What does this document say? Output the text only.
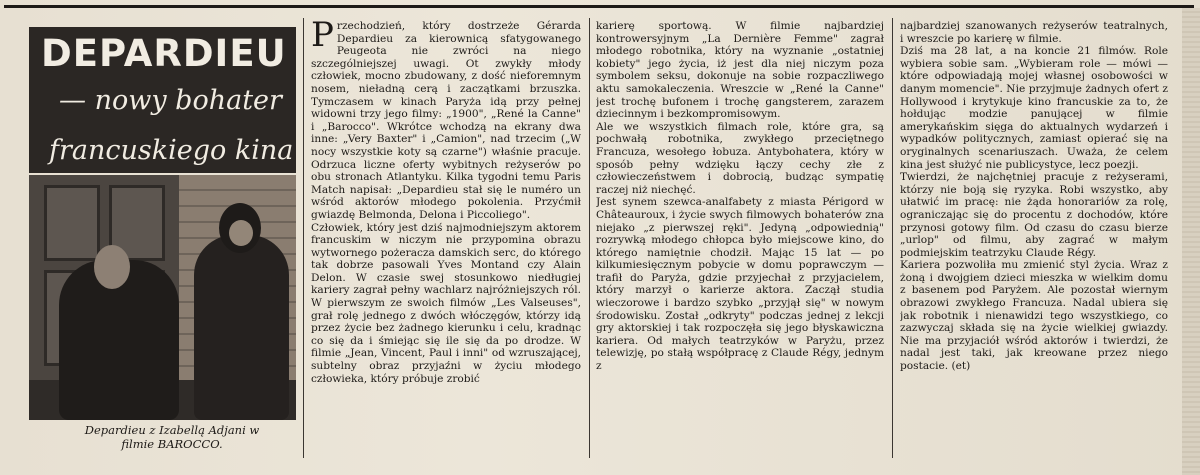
DEPARDIEU
— nowy bohater
francuskiego kina
Depardieu z Izabellą Adjani w filmie BAROCCO.
Przechodzień, który dostrzeże Gérarda Depardieu za kierownicą sfatygowanego Peugeota nie zwróci na niego szczególniejszej uwagi. Ot zwykły młody człowiek, mocno zbudowany, z dość nieforemnym nosem, nieładną cerą i zaczątkami brzuszka. Tymczasem w kinach Paryża idą przy pełnej widowni trzy jego filmy: „1900", „René la Canne" i „Barocco". Wkrótce wchodzą na ekrany dwa inne: „Very Baxter" i „Camion", nad trzecim („W nocy wszystkie koty są czarne") właśnie pracuje. Odrzuca liczne oferty wybitnych reżyserów po obu stronach Atlantyku. Kilka tygodni temu Paris Match napisał: „Depardieu stał się le numéro un wśród aktorów młodego pokolenia. Przyćmił gwiazdę Belmonda, Delona i Piccoliego".
Człowiek, który jest dziś najmodniejszym aktorem francuskim w niczym nie przypomina obrazu wytwornego pożeracza damskich serc, do którego tak dobrze pasowali Yves Montand czy Alain Delon. W czasie swej stosunkowo niedługiej kariery zagrał pełny wachlarz najróżniejszych ról. W pierwszym ze swoich filmów „Les Valseuses", grał rolę jednego z dwóch włóczęgów, którzy idą przez życie bez żadnego kierunku i celu, kradnąc co się da i śmiejąc się ile się da po drodze. W filmie „Jean, Vincent, Paul i inni" od wzruszającej, subtelny obraz przyjaźni w życiu młodego człowieka, który próbuje zrobić
karierę sportową. W filmie najbardziej kontrowersyjnym „La Dernière Femme" zagrał młodego robotnika, który na wyznanie „ostatniej kobiety" jego życia, iż jest dla niej niczym poza symbolem seksu, dokonuje na sobie rozpaczliwego aktu samokaleczenia. Wreszcie w „René la Canne" jest trochę bufonem i trochę gangsterem, zarazem dziecinnym i bezkompromisowym.
Ale we wszystkich filmach role, które gra, są pochwałą robotnika, zwykłego przeciętnego Francuza, wesołego łobuza. Antybohatera, który w sposób pełny wdzięku łączy cechy złe z człowieczeństwem i dobrocią, budząc sympatię raczej niż niechęć.
Jest synem szewca-analfabety z miasta Périgord w Châteauroux, i życie swych filmowych bohaterów zna niejako „z pierwszej ręki". Jedyną „odpowiednią" rozrywką młodego chłopca było miejscowe kino, do którego namiętnie chodził. Mając 15 lat — po kilkumiesięcznym pobycie w domu poprawczym — trafił do Paryża, gdzie przyjechał z przyjacielem, który marzył o karierze aktora. Zaczął studia wieczorowe i bardzo szybko „przyjął się" w nowym środowisku. Został „odkryty" podczas jednej z lekcji gry aktorskiej i tak rozpoczęła się jego błyskawiczna kariera. Od małych teatrzyków w Paryżu, przez telewizję, po stałą współpracę z Claude Régy, jednym z
najbardziej szanowanych reżyserów teatralnych, i wreszcie po karierę w filmie.
Dziś ma 28 lat, a na koncie 21 filmów. Role wybiera sobie sam. „Wybieram role — mówi — które odpowiadają mojej własnej osobowości w danym momencie". Nie przyjmuje żadnych ofert z Hollywood i krytykuje kino francuskie za to, że hołdując modzie panującej w filmie amerykańskim sięga do aktualnych wydarzeń i wypadków politycznych, zamiast opierać się na oryginalnych scenariuszach. Uważa, że celem kina jest służyć nie publicystyce, lecz poezji.
Twierdzi, że najchętniej pracuje z reżyserami, którzy nie boją się ryzyka. Robi wszystko, aby ułatwić im pracę: nie żąda honorariów za rolę, ograniczając się do procentu z dochodów, które przynosi gotowy film. Od czasu do czasu bierze „urlop" od filmu, aby zagrać w małym podmiejskim teatrzyku Claude Régy.
Kariera pozwoliła mu zmienić styl życia. Wraz z żoną i dwojgiem dzieci mieszka w wielkim domu z basenem pod Paryżem. Ale pozostał wiernym obrazowi zwykłego Francuza. Nadal ubiera się jak robotnik i nienawidzi tego wszystkiego, co zazwyczaj składa się na życie wielkiej gwiazdy. Nie ma przyjaciół wśród aktorów i twierdzi, że nadal jest taki, jak kreowane przez niego postacie. (et)
